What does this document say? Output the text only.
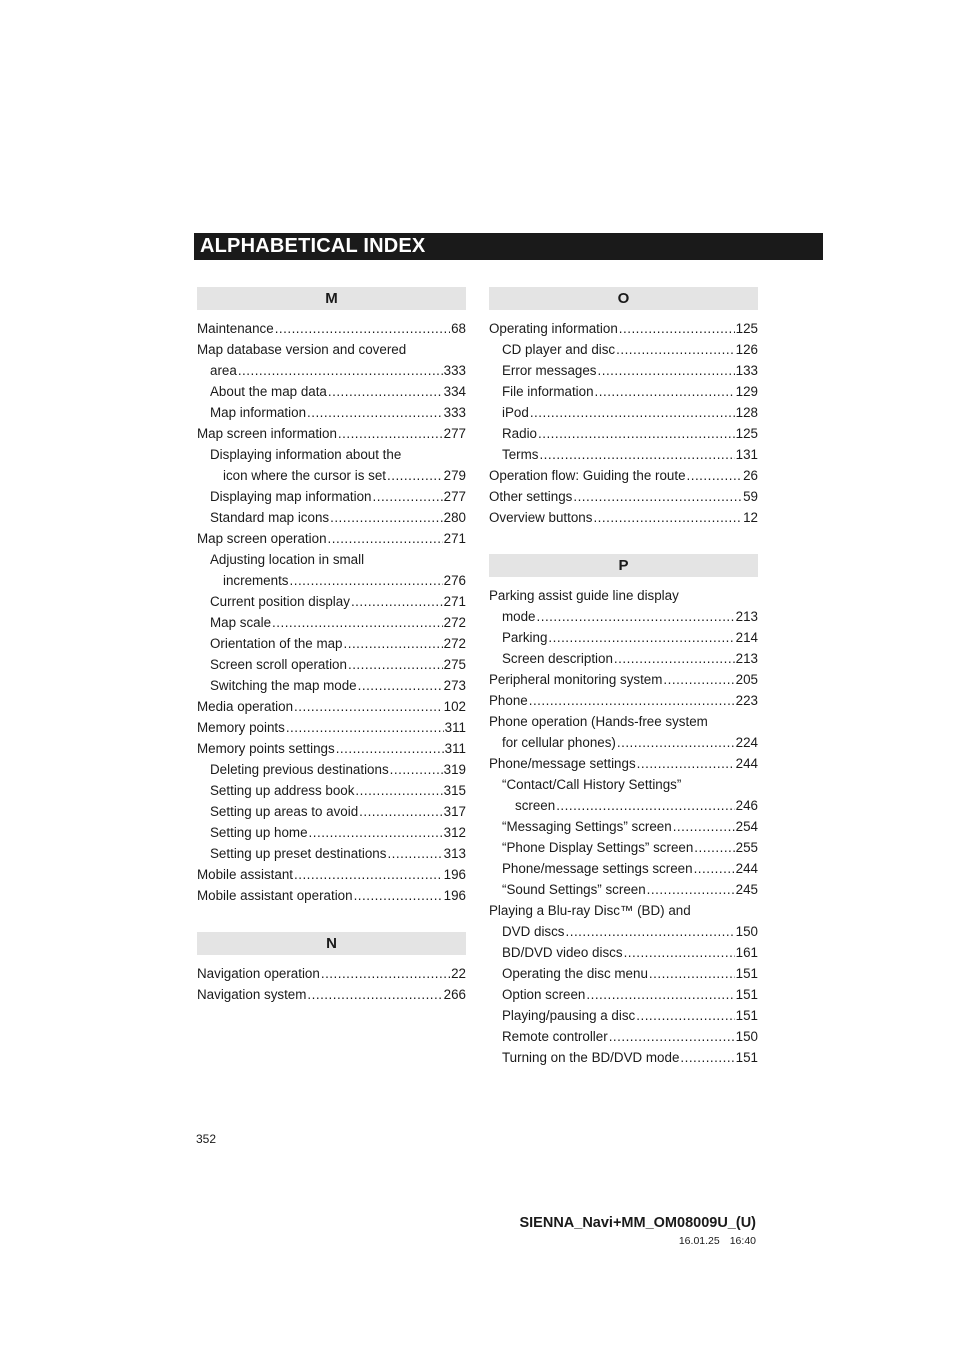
ALPHABETICAL INDEX
M
Maintenance .....	68
Map database version and covered
area .....	333
About the map data .....	334
Map information .....	333
Map screen information .....	277
Displaying information about the
icon where the cursor is set .....	279
Displaying map information .....	277
Standard map icons .....	280
Map screen operation .....	271
Adjusting location in small
increments .....	276
Current position display .....	271
Map scale .....	272
Orientation of the map .....	272
Screen scroll operation .....	275
Switching the map mode .....	273
Media operation .....	102
Memory points .....	311
Memory points settings .....	311
Deleting previous destinations .....	319
Setting up address book .....	315
Setting up areas to avoid .....	317
Setting up home .....	312
Setting up preset destinations .....	313
Mobile assistant .....	196
Mobile assistant operation .....	196
N
Navigation operation .....	22
Navigation system .....	266
O
Operating information .....	125
CD player and disc .....	126
Error messages .....	133
File information .....	129
iPod .....	128
Radio .....	125
Terms .....	131
Operation flow: Guiding the route .....	26
Other settings .....	59
Overview buttons .....	12
P
Parking assist guide line display
mode .....	213
Parking .....	214
Screen description .....	213
Peripheral monitoring system .....	205
Phone .....	223
Phone operation (Hands-free system
for cellular phones) .....	224
Phone/message settings .....	244
“Contact/Call History Settings”
screen .....	246
“Messaging Settings” screen .....	254
“Phone Display Settings” screen .....	255
Phone/message settings screen .....	244
“Sound Settings” screen .....	245
Playing a Blu-ray Disc™ (BD) and
DVD discs .....	150
BD/DVD video discs .....	161
Operating the disc menu .....	151
Option screen .....	151
Playing/pausing a disc .....	151
Remote controller .....	150
Turning on the BD/DVD mode .....	151
352
SIENNA_Navi+MM_OM08009U_(U)
16.01.25 16:40
